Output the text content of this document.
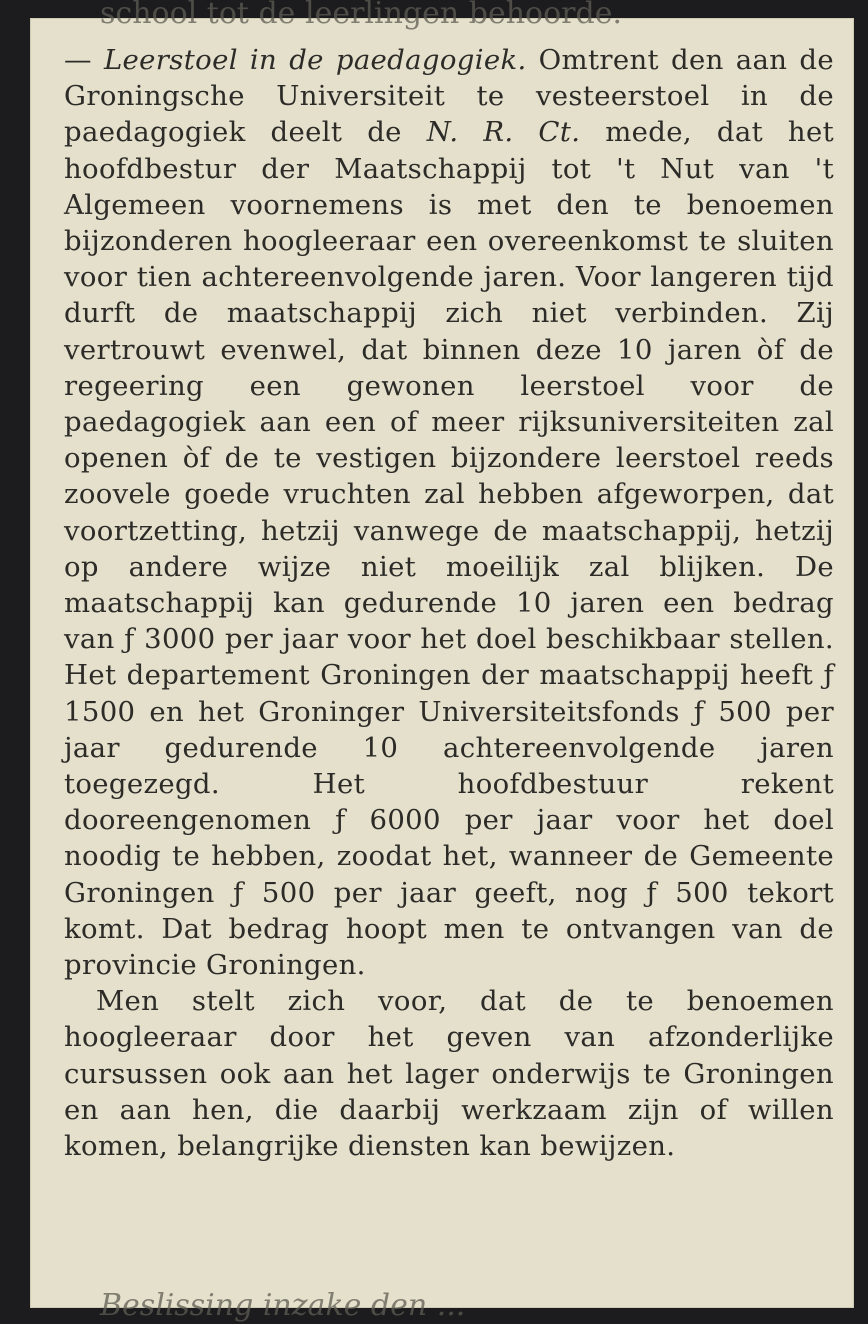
school tot de leerlingen behoorde.

— Leerstoel in de paedagogiek. Omtrent den aan de Groningsche Universiteit te vesteerstoel in de paedagogiek deelt de N. R. Ct. mede, dat het hoofdbestur der Maatschappij tot 't Nut van 't Algemeen voornemens is met den te benoemen bijzonderen hoogleeraar een overeenkomst te sluiten voor tien achtereenvolgende jaren. Voor langeren tijd durft de maatschappij zich niet verbinden. Zij vertrouwt evenwel, dat binnen deze 10 jaren òf de regeering een gewonen leerstoel voor de paedagogiek aan een of meer rijksuniversiteiten zal openen òf de te vestigen bijzondere leerstoel reeds zoovele goede vruchten zal hebben afgeworpen, dat voortzetting, hetzij vanwege de maatschappij, hetzij op andere wijze niet moeilijk zal blijken. De maatschappij kan gedurende 10 jaren een bedrag van ƒ 3000 per jaar voor het doel beschikbaar stellen. Het departement Groningen der maatschappij heeft ƒ 1500 en het Groninger Universiteitsfonds ƒ 500 per jaar gedurende 10 achtereenvolgende jaren toegezegd. Het hoofdbestuur rekent dooreengenomen ƒ 6000 per jaar voor het doel noodig te hebben, zoodat het, wanneer de Gemeente Groningen ƒ 500 per jaar geeft, nog ƒ 500 tekort komt. Dat bedrag hoopt men te ontvangen van de provincie Groningen.

Men stelt zich voor, dat de te benoemen hoogleeraar door het geven van afzonderlijke cursussen ook aan het lager onderwijs te Groningen en aan hen, die daarbij werkzaam zijn of willen komen, belangrijke diensten kan bewijzen.

Beslissing inzake den ...
